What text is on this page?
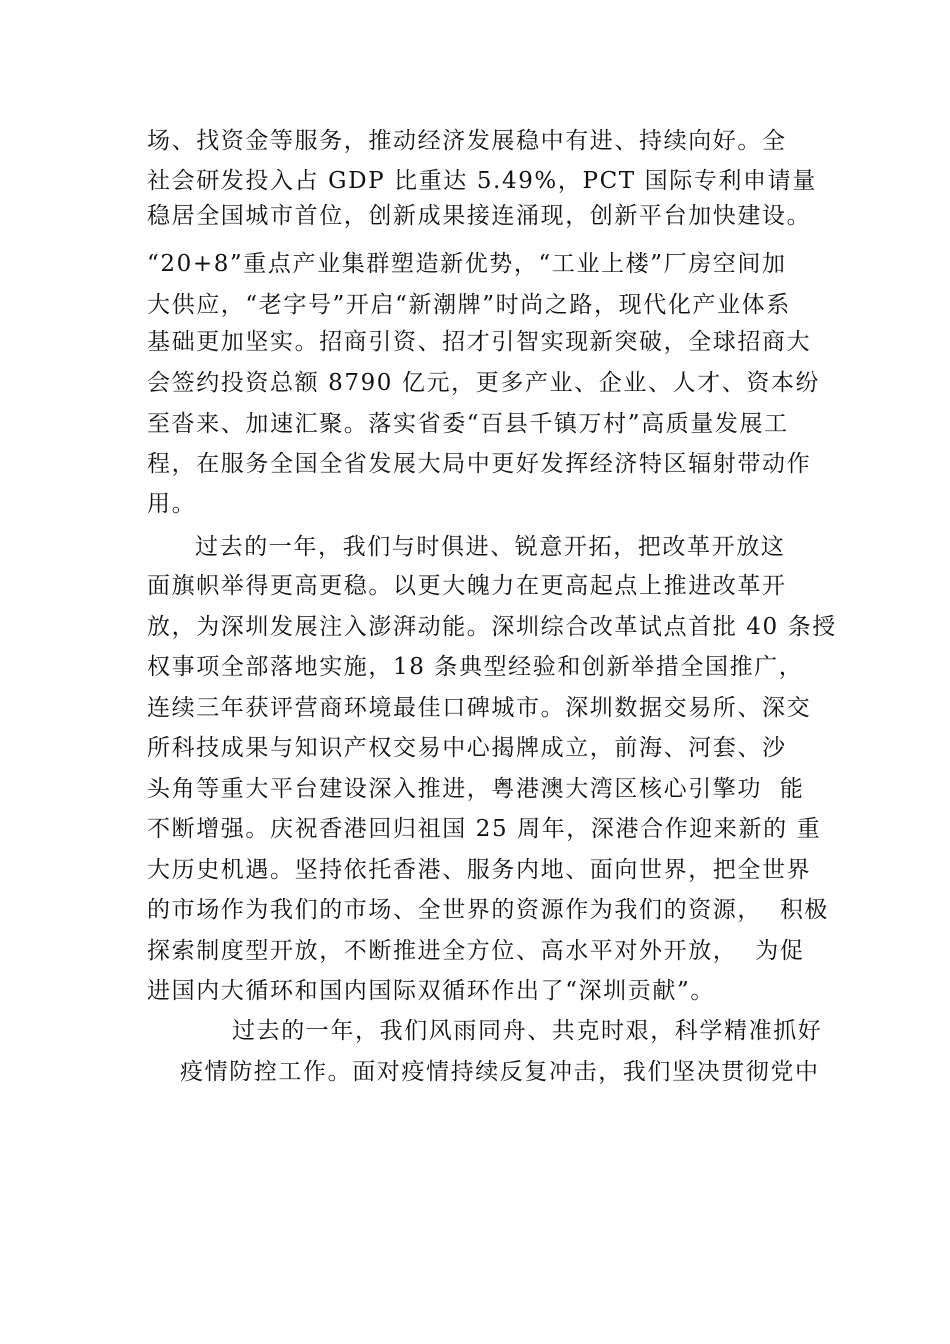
场、找资金等服务，推动经济发展稳中有进、持续向好。全
社会研发投入占 GDP 比重达 5.49%，PCT 国际专利申请量
稳居全国城市首位，创新成果接连涌现，创新平台加快建设。
“20+8”重点产业集群塑造新优势，“工业上楼”厂房空间加
大供应，“老字号”开启“新潮牌”时尚之路，现代化产业体系
基础更加坚实。招商引资、招才引智实现新突破，全球招商大
会签约投资总额 8790 亿元，更多产业、企业、人才、资本纷
至沓来、加速汇聚。落实省委“百县千镇万村”高质量发展工
程，在服务全国全省发展大局中更好发挥经济特区辐射带动作
用。
过去的一年，我们与时俱进、锐意开拓，把改革开放这
面旗帜举得更高更稳。以更大魄力在更高起点上推进改革开
放，为深圳发展注入澎湃动能。深圳综合改革试点首批 40 条授
权事项全部落地实施，18 条典型经验和创新举措全国推广，
连续三年获评营商环境最佳口碑城市。深圳数据交易所、深交
所科技成果与知识产权交易中心揭牌成立，前海、河套、沙
头角等重大平台建设深入推进，粤港澳大湾区核心引擎功  能
不断增强。庆祝香港回归祖国 25 周年，深港合作迎来新的 重
大历史机遇。坚持依托香港、服务内地、面向世界，把全世界
的市场作为我们的市场、全世界的资源作为我们的资源，  积极
探索制度型开放，不断推进全方位、高水平对外开放，  为促
进国内大循环和国内国际双循环作出了“深圳贡献”。
过去的一年，我们风雨同舟、共克时艰，科学精准抓好
疫情防控工作。面对疫情持续反复冲击，我们坚决贯彻党中
